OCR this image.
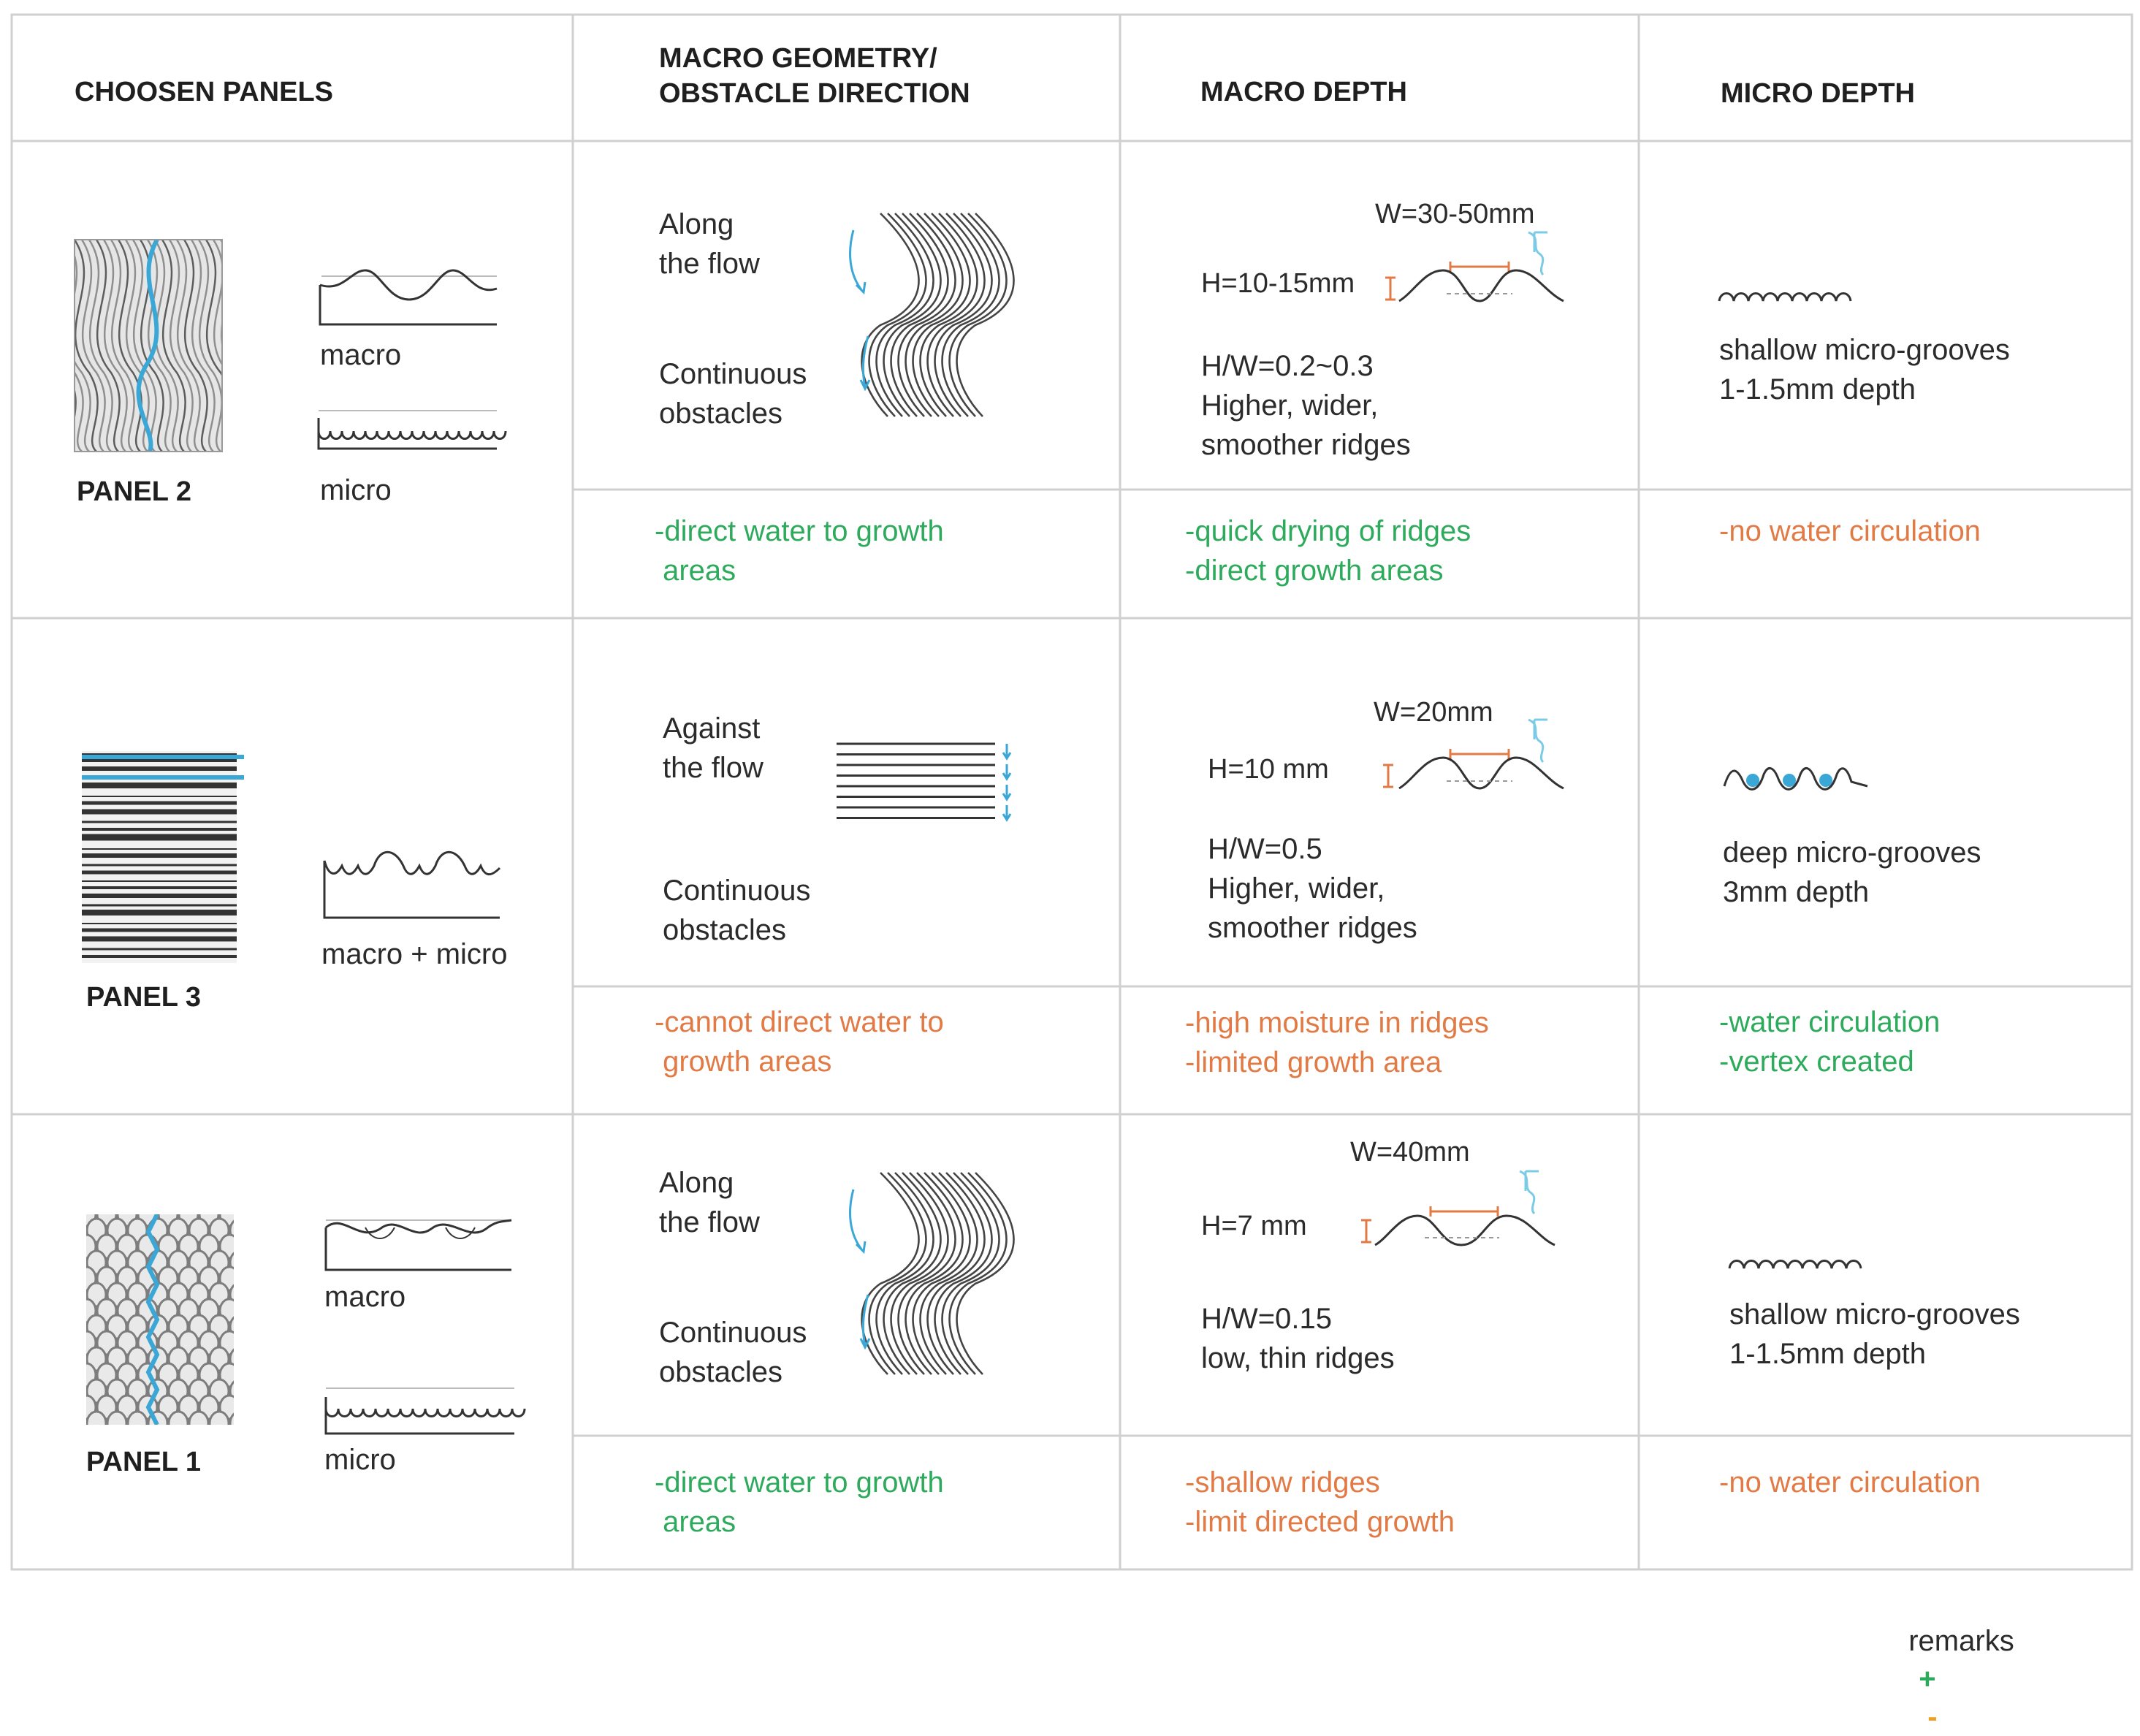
CHOOSEN PANELS
MACRO GEOMETRY/
OBSTACLE DIRECTION	MACRO DEPTH	MICRO DEPTH
PANEL 2
macro
micro
Along
the flow
Continuous
obstacles
W=30-50mm
H=10-15mm
H/W=0.2~0.3
Higher, wider,
smoother ridges
shallow micro-grooves
1-1.5mm depth
-direct water to growth
areas
-quick drying of ridges
-direct growth areas
-no water circulation
PANEL 3
macro + micro
Against
the flow
Continuous
obstacles
W=20mm
H=10 mm
H/W=0.5
Higher, wider,
smoother ridges
deep micro-grooves
3mm depth
-cannot direct water to
growth areas
-high moisture in ridges
-limited growth area
-water circulation
-vertex created
PANEL 1
macro
micro
Along
the flow
Continuous
obstacles
W=40mm
H=7 mm
H/W=0.15
low, thin ridges
shallow micro-grooves
1-1.5mm depth
-direct water to growth
areas
-shallow ridges
-limit directed growth
-no water circulation

remarks
+
-
